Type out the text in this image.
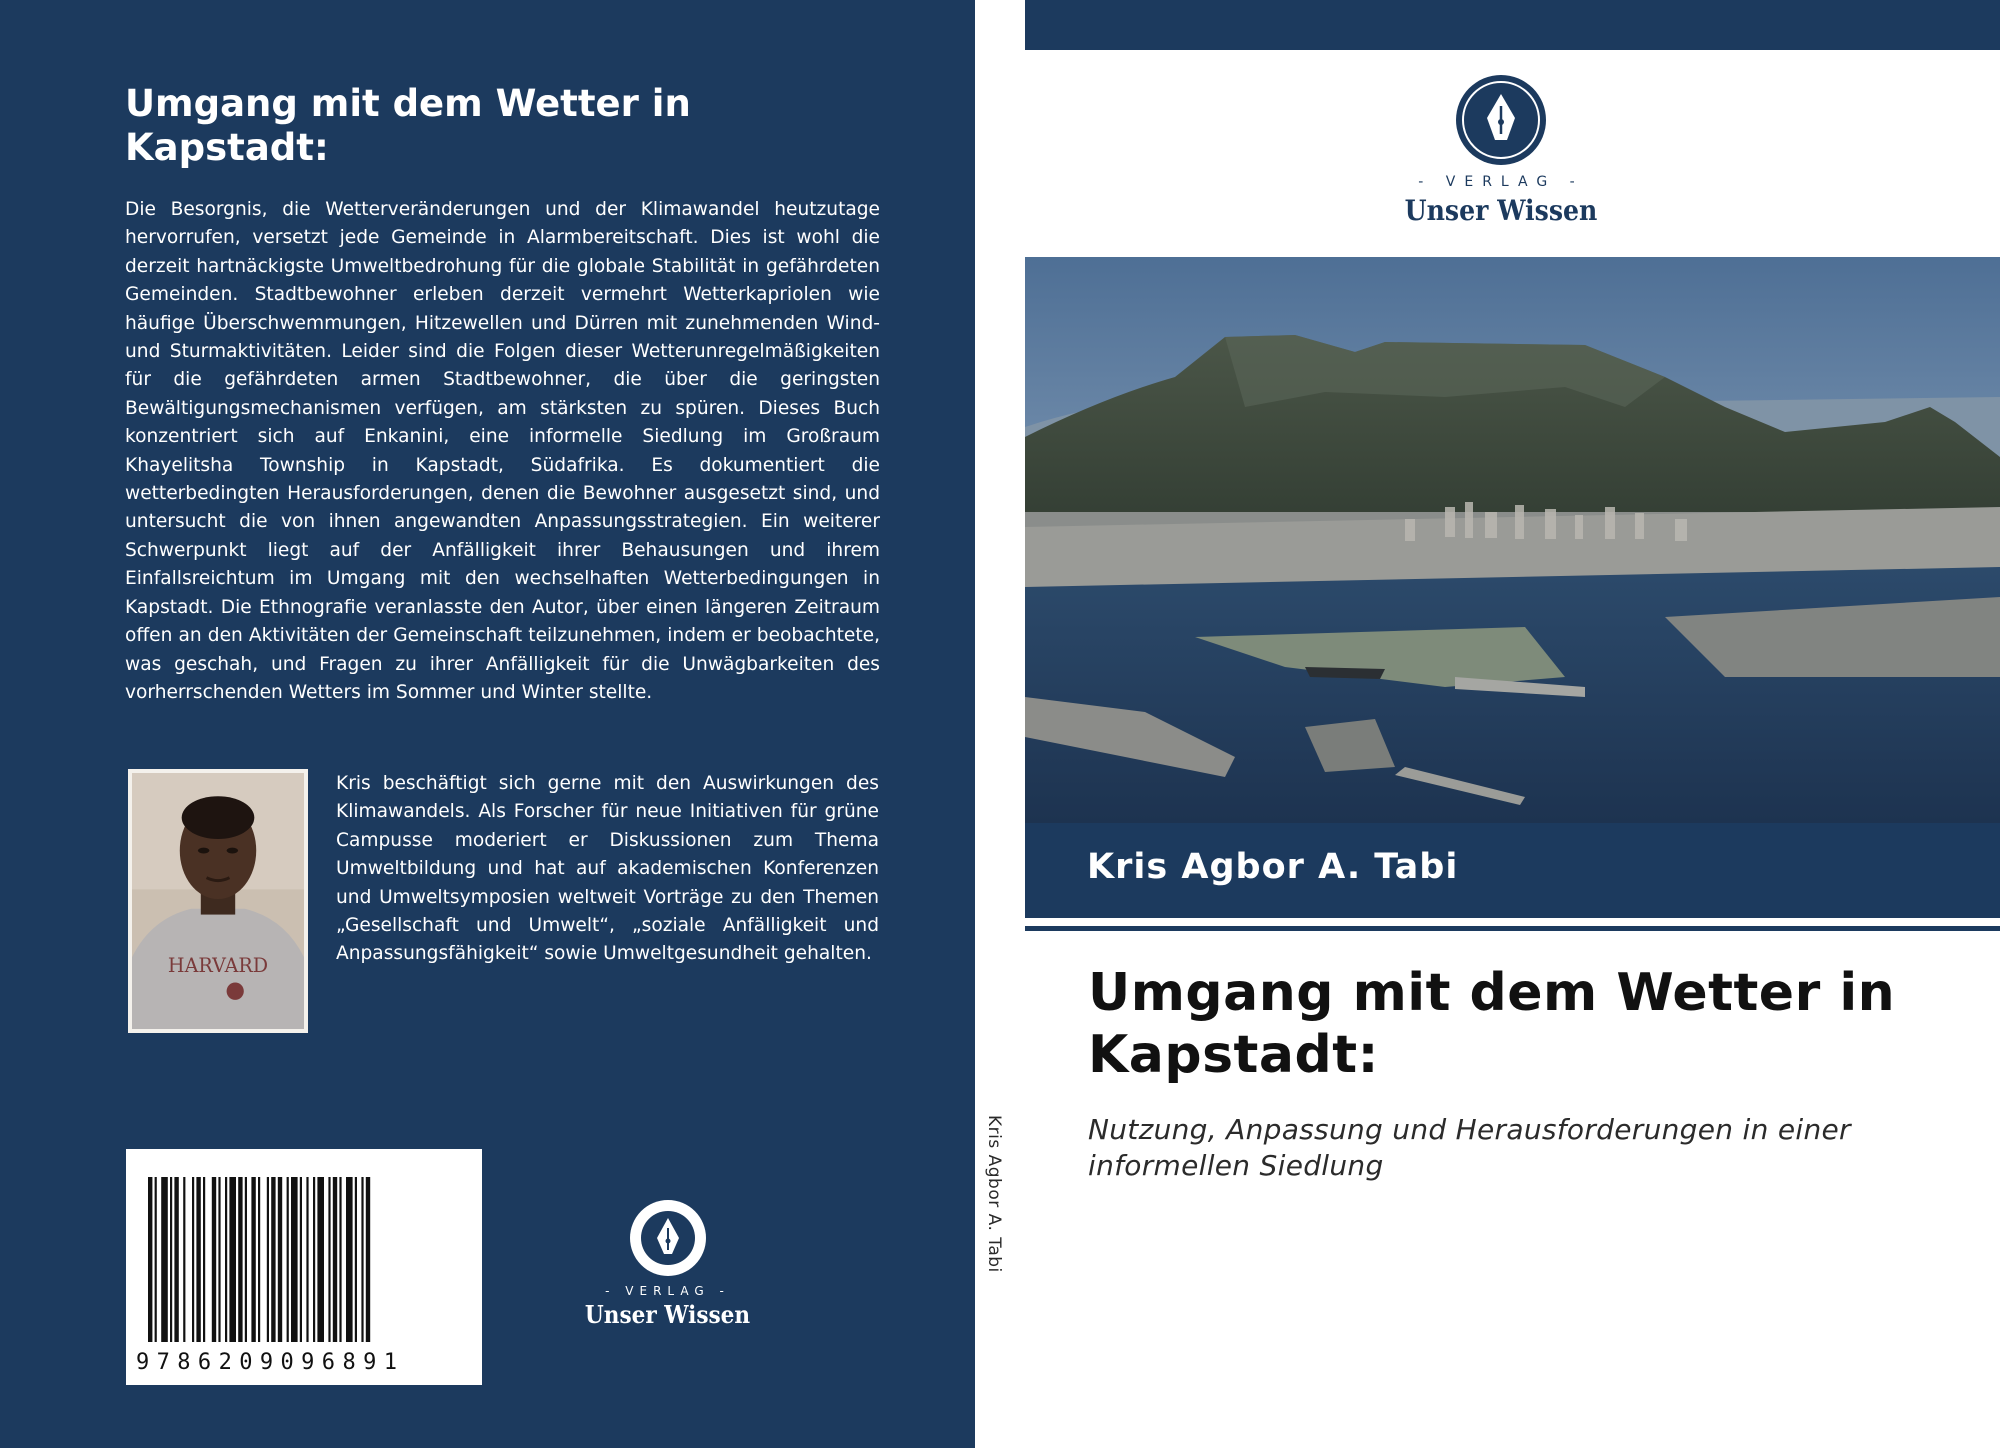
Umgang mit dem Wetter in Kapstadt:

Die Besorgnis, die Wetterveränderungen und der Klimawandel heutzutage hervorrufen, versetzt jede Gemeinde in Alarmbereitschaft. Dies ist wohl die derzeit hartnäckigste Umweltbedrohung für die globale Stabilität in gefährdeten Gemeinden. Stadtbewohner erleben derzeit vermehrt Wetterkapriolen wie häufige Überschwemmungen, Hitzewellen und Dürren mit zunehmenden Wind- und Sturmaktivitäten. Leider sind die Folgen dieser Wetterunregelmäßigkeiten für die gefährdeten armen Stadtbewohner, die über die geringsten Bewältigungsmechanismen verfügen, am stärksten zu spüren. Dieses Buch konzentriert sich auf Enkanini, eine informelle Siedlung im Großraum Khayelitsha Township in Kapstadt, Südafrika. Es dokumentiert die wetterbedingten Herausforderungen, denen die Bewohner ausgesetzt sind, und untersucht die von ihnen angewandten Anpassungsstrategien. Ein weiterer Schwerpunkt liegt auf der Anfälligkeit ihrer Behausungen und ihrem Einfallsreichtum im Umgang mit den wechselhaften Wetterbedingungen in Kapstadt. Die Ethnografie veranlasste den Autor, über einen längeren Zeitraum offen an den Aktivitäten der Gemeinschaft teilzunehmen, indem er beobachtete, was geschah, und Fragen zu ihrer Anfälligkeit für die Unwägbarkeiten des vorherrschenden Wetters im Sommer und Winter stellte.

HARVARD

Kris beschäftigt sich gerne mit den Auswirkungen des Klimawandels. Als Forscher für neue Initiativen für grüne Campusse moderiert er Diskussionen zum Thema Umweltbildung und hat auf akademischen Konferenzen und Umweltsymposien weltweit Vorträge zu den Themen „Gesellschaft und Umwelt“, „soziale Anfälligkeit und Anpassungsfähigkeit“ sowie Umweltgesundheit gehalten.

9786209096891
- VERLAG -
Unser Wissen
Kris Agbor A. Tabi
- VERLAG -
Unser Wissen
Kris Agbor A. Tabi
Umgang mit dem Wetter in Kapstadt:
Nutzung, Anpassung und Herausforderungen in einer informellen Siedlung
